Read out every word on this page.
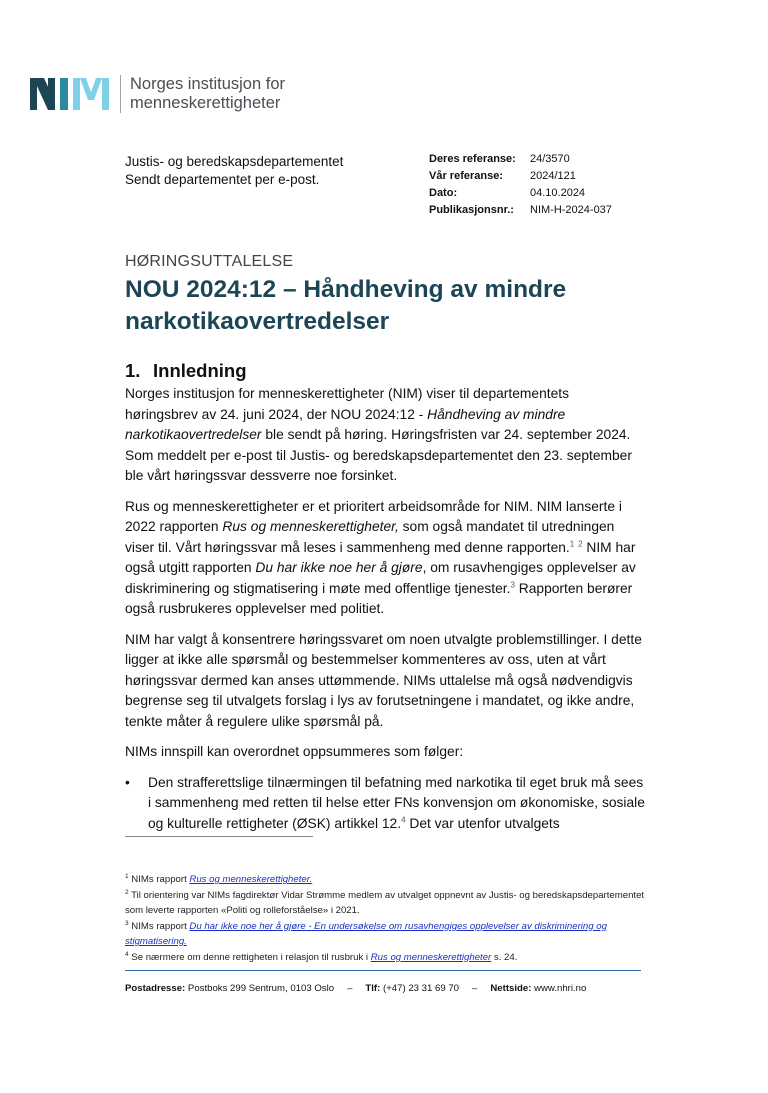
Norges institusjon for
menneskerettigheter
Justis- og beredskapsdepartementet
Sendt departementet per e-post.
Deres referanse:	24/3570
Vår referanse:	2024/121
Dato:	04.10.2024
Publikasjonsnr.:	NIM-H-2024-037
HØRINGSUTTALELSE
NOU 2024:12 – Håndheving av mindre narkotikaovertredelser
1. Innledning

Norges institusjon for menneskerettigheter (NIM) viser til departementets høringsbrev av 24. juni 2024, der NOU 2024:12 - Håndheving av mindre narkotikaovertredelser ble sendt på høring. Høringsfristen var 24. september 2024. Som meddelt per e-post til Justis- og beredskapsdepartementet den 23. september ble vårt høringssvar dessverre noe forsinket.

Rus og menneskerettigheter er et prioritert arbeidsområde for NIM. NIM lanserte i 2022 rapporten Rus og menneskerettigheter, som også mandatet til utredningen viser til. Vårt høringssvar må leses i sammenheng med denne rapporten.$^1$ $^2$ NIM har også utgitt rapporten Du har ikke noe her å gjøre, om rusavhengiges opplevelser av diskriminering og stigmatisering i møte med offentlige tjenester.$^3$ Rapporten berører også rusbrukeres opplevelser med politiet.

NIM har valgt å konsentrere høringssvaret om noen utvalgte problemstillinger. I dette ligger at ikke alle spørsmål og bestemmelser kommenteres av oss, uten at vårt høringssvar dermed kan anses uttømmende. NIMs uttalelse må også nødvendigvis begrense seg til utvalgets forslag i lys av forutsetningene i mandatet, og ikke andre, tenkte måter å regulere ulike spørsmål på.

NIMs innspill kan overordnet oppsummeres som følger:

•	Den strafferettslige tilnærmingen til befatning med narkotika til eget bruk må sees i sammenheng med retten til helse etter FNs konvensjon om økonomiske, sosiale og kulturelle rettigheter (ØSK) artikkel 12.$^4$ Det var utenfor utvalgets
$^1$ NIMs rapport Rus og menneskerettigheter.
$^2$ Til orientering var NIMs fagdirektør Vidar Strømme medlem av utvalget oppnevnt av Justis- og beredskapsdepartementet som leverte rapporten «Politi og rolleforståelse» i 2021.
$^3$ NIMs rapport Du har ikke noe her å gjøre - En undersøkelse om rusavhengiges opplevelser av diskriminering og stigmatisering.
$^4$ Se nærmere om denne rettigheten i relasjon til rusbruk i Rus og menneskerettigheter s. 24.
Postadresse: Postboks 299 Sentrum, 0103 Oslo – Tlf: (+47) 23 31 69 70 – Nettside: www.nhri.no
